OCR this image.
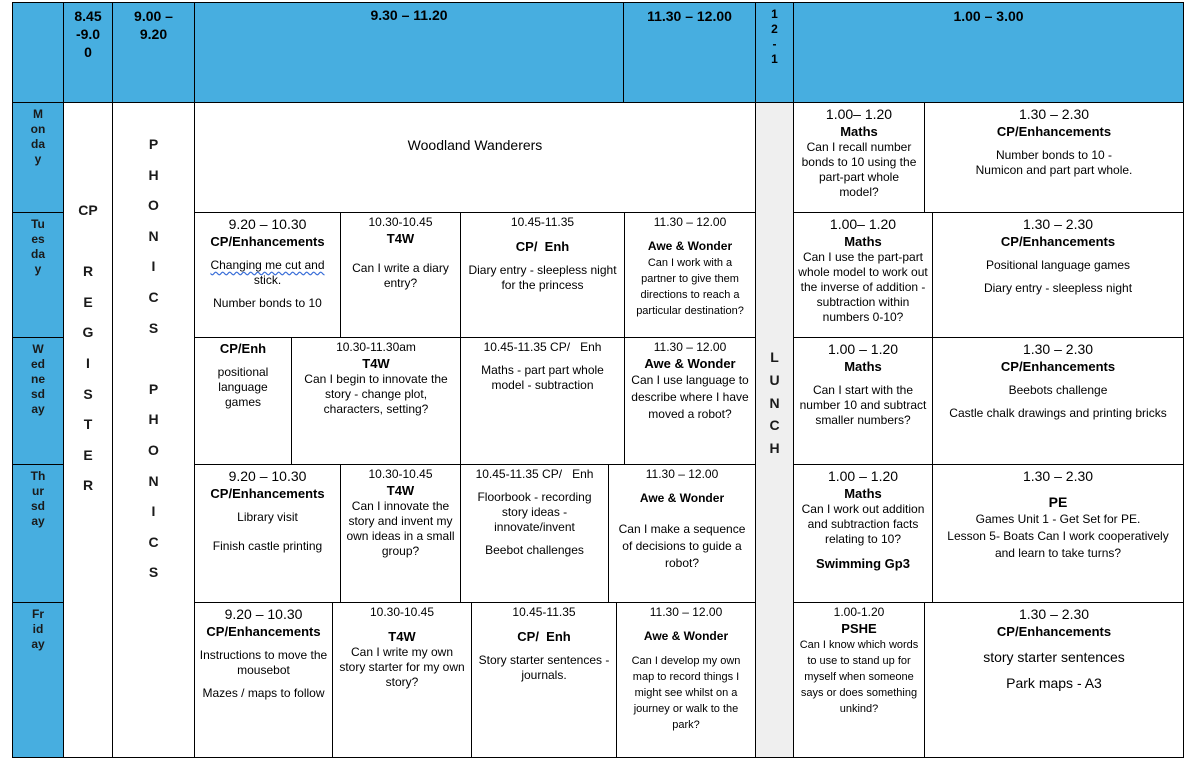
8.45
-9.0
0
9.00 –
9.20
9.30 – 11.20	11.30 – 12.00	1
2
-
1
1.00 – 3.00
M
on
da
y
Tu
es
da
y
W
ed
ne
sd
ay
Th
ur
sd
ay
Fr
id
ay
CP
R
E
G
I
S
T
E
R
P
H
O
N
I
C
S
P
H
O
N
I
C
S
L
U
N
C
H
Woodland Wanderers
1.00– 1.20
Maths
Can I recall number bonds to 10 using the part-part whole model?
1.30 – 2.30
CP/Enhancements
Number bonds to 10 -
Numicon and part part whole.
9.20 – 10.30
CP/Enhancements
Changing me cut and
stick.
Number bonds to 10
10.30-10.45
T4W
Can I write a diary entry?
10.45-11.35
CP/  Enh
Diary entry - sleepless night for the princess
11.30 – 12.00
Awe & Wonder
Can I work with a partner to give them directions to reach a particular destination?
1.00– 1.20
Maths
Can I use the part-part whole model to work out the inverse of addition - subtraction within numbers 0-10?
1.30 – 2.30
CP/Enhancements
Positional language games
Diary entry - sleepless night
CP/Enh
positional language games
10.30-11.30am
T4W
Can I begin to innovate the story - change plot, characters, setting?
10.45-11.35 CP/   Enh
Maths - part part whole model - subtraction
11.30 – 12.00
Awe & Wonder
Can I use language to describe where I have moved a robot?
1.00 – 1.20
Maths
Can I start with the number 10 and subtract smaller numbers?
1.30 – 2.30
CP/Enhancements
Beebots challenge
Castle chalk drawings and printing bricks
9.20 – 10.30
CP/Enhancements
Library visit
Finish castle printing
10.30-10.45
T4W
Can I innovate the story and invent my own ideas in a small group?
10.45-11.35 CP/   Enh
Floorbook - recording story ideas - innovate/invent
Beebot challenges
11.30 – 12.00
Awe & Wonder
Can I make a sequence of decisions to guide a robot?
1.00 – 1.20
Maths
Can I work out addition and subtraction facts relating to 10?
Swimming Gp3
1.30 – 2.30
PE
Games Unit 1 - Get Set for PE.
Lesson 5- Boats Can I work cooperatively and learn to take turns?
9.20 – 10.30
CP/Enhancements
Instructions to move the mousebot
Mazes / maps to follow
10.30-10.45
T4W
Can I write my own story starter for my own story?
10.45-11.35
CP/  Enh
Story starter sentences - journals.
11.30 – 12.00
Awe & Wonder
Can I develop my own map to record things I might see whilst on a journey or walk to the park?
1.00-1.20
PSHE
Can I know which words to use to stand up for myself when someone says or does something unkind?
1.30 – 2.30
CP/Enhancements
story starter sentences
Park maps - A3
